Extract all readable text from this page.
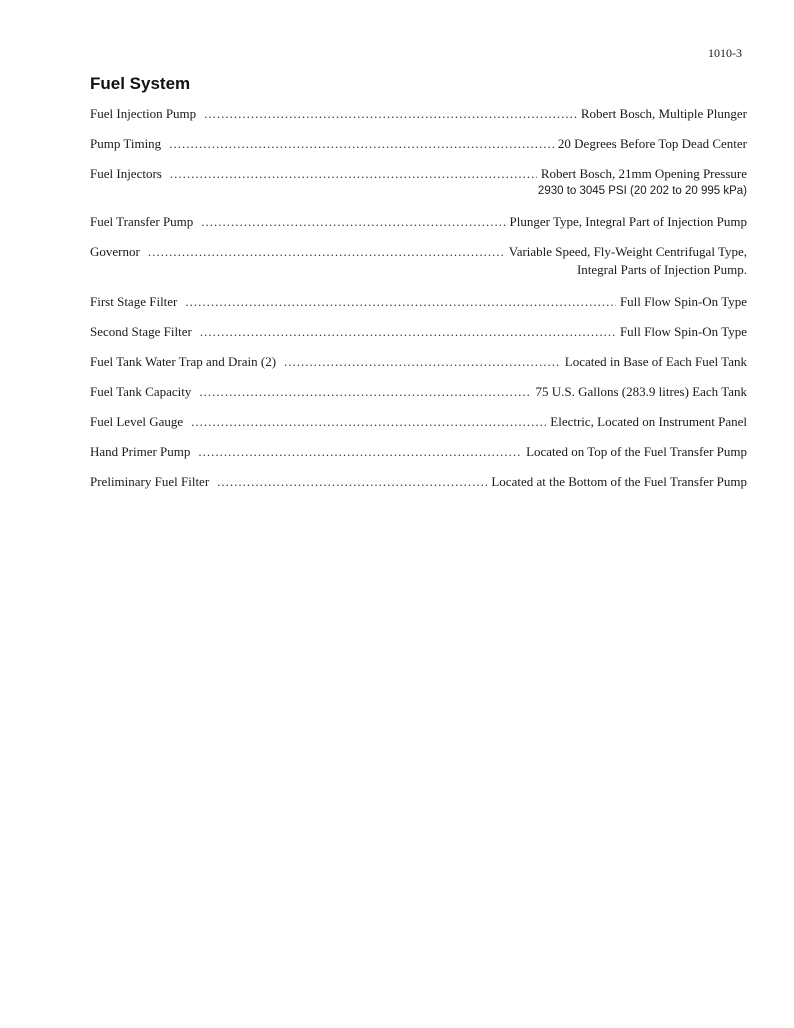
1010-3
Fuel System
Fuel Injection Pump .....	Robert Bosch, Multiple Plunger
Pump Timing .....	20 Degrees Before Top Dead Center
Fuel Injectors .....	Robert Bosch, 21mm Opening Pressure
2930 to 3045 PSI (20 202 to 20 995 kPa)
Fuel Transfer Pump .....	Plunger Type, Integral Part of Injection Pump
Governor .....	Variable Speed, Fly-Weight Centrifugal Type,
Integral Parts of Injection Pump.
First Stage Filter .....	Full Flow Spin-On Type
Second Stage Filter .....	Full Flow Spin-On Type
Fuel Tank Water Trap and Drain (2) .....	Located in Base of Each Fuel Tank
Fuel Tank Capacity .....	75 U.S. Gallons (283.9 litres) Each Tank
Fuel Level Gauge .....	Electric, Located on Instrument Panel
Hand Primer Pump .....	Located on Top of the Fuel Transfer Pump
Preliminary Fuel Filter .....	Located at the Bottom of the Fuel Transfer Pump
